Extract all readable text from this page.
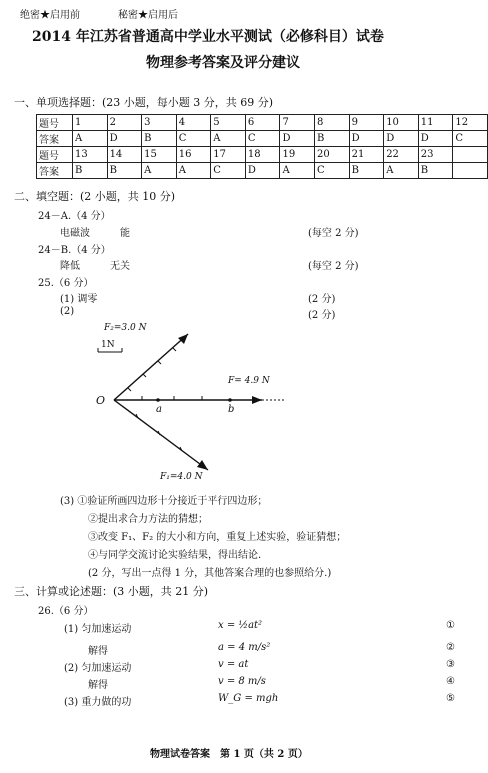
绝密★启用前	秘密★启用后
2014 年江苏省普通高中学业水平测试（必修科目）试卷
物理参考答案及评分建议
一、单项选择题：(23 小题，每小题 3 分，共 69 分)
题号	1	2	3	4	5	6	7	8	9	10	11	12
答案	A	D	B	C	A	C	D	B	D	D	D	C
题号	13	14	15	16	17	18	19	20	21	22	23	
答案	B	B	A	A	C	D	A	C	B	A	B	
二、填空题：(2 小题，共 10 分)
24－A.（4 分）
电磁波	能	(每空 2 分)
24－B.（4 分）
降低	无关	(每空 2 分)
25.（6 分）
(1) 调零	(2 分)
(2)	(2 分)
F₂=3.0 N
1N
F= 4.9 N
O
a	b
F₁=4.0 N
(3) ①验证所画四边形十分接近于平行四边形；
②提出求合力方法的猜想；
③改变 F₁、F₂ 的大小和方向，重复上述实验，验证猜想；
④与同学交流讨论实验结果，得出结论.
(2 分，写出一点得 1 分，其他答案合理的也参照给分.)
三、计算或论述题：(3 小题，共 21 分)
26.（6 分）
(1) 匀加速运动	x = ½at²	①
解得	a = 4 m/s²	②
(2) 匀加速运动	v = at	③
解得	v = 8 m/s	④
(3) 重力做的功	W_G = mgh	⑤
物理试卷答案　第 1 页（共 2 页）
